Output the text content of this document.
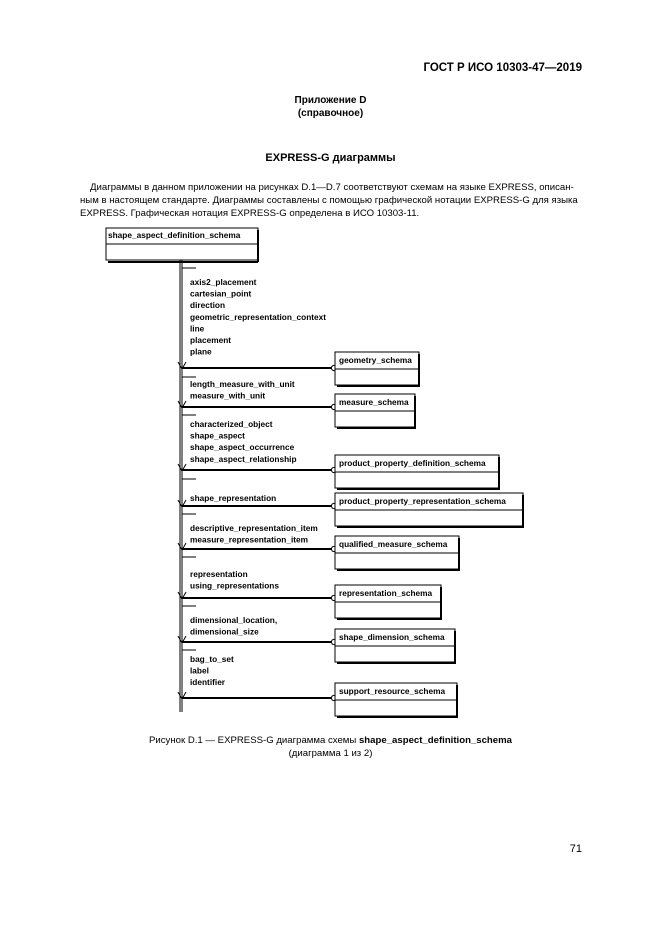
ГОСТ Р ИСО 10303-47—2019
Приложение D
(справочное)
EXPRESS-G диаграммы

Диаграммы в данном приложении на рисунках D.1—D.7 соответствуют схемам на языке EXPRESS, описан-

ным в настоящем стандарте. Диаграммы составлены с помощью графической нотации EXPRESS-G для языка

EXPRESS. Графическая нотация EXPRESS-G определена в ИСО 10303-11.

shape_aspect_definition_schema
axis2_placement
cartesian_point
direction
geometric_representation_context
line
placement
plane
geometry_schema
length_measure_with_unit
measure_with_unit
measure_schema
characterized_object
shape_aspect
shape_aspect_occurrence
shape_aspect_relationship	product_property_definition_schema
shape_representation	product_property_representation_schema
descriptive_representation_item
measure_representation_item	qualified_measure_schema
representation
using_representations
representation_schema
dimensional_location,
dimensional_size
shape_dimension_schema
bag_to_set
label
identifier
support_resource_schema
Рисунок D.1 — EXPRESS-G диаграмма схемы shape_aspect_definition_schema
(диаграмма 1 из 2)
71
